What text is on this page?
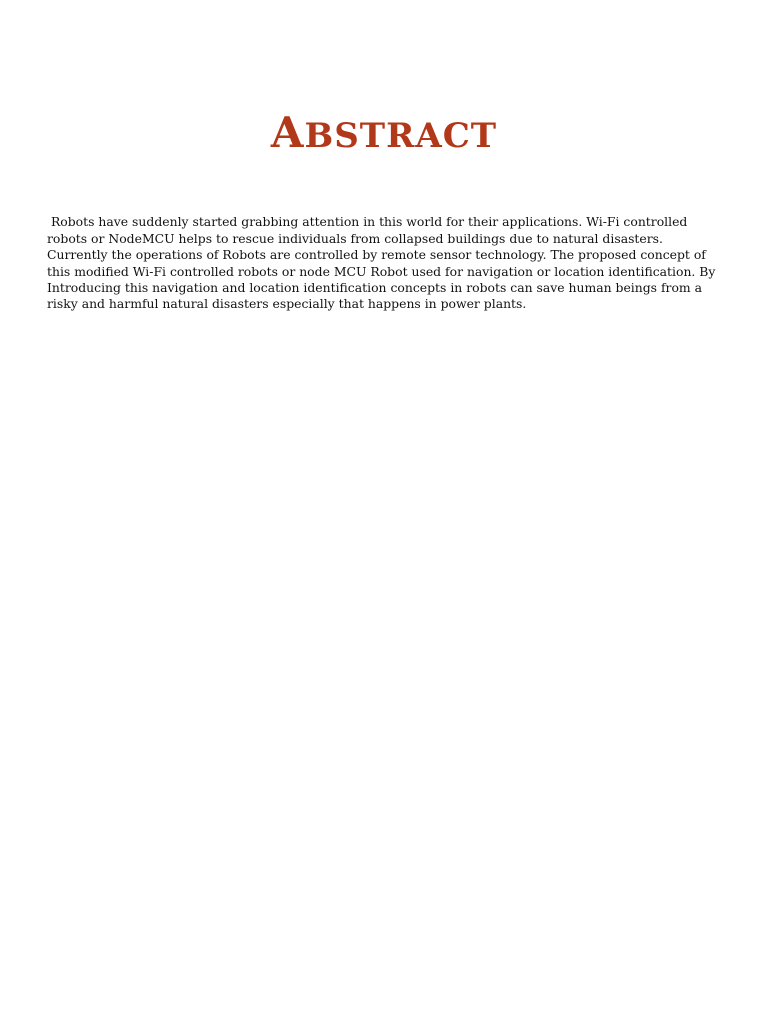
ABSTRACT

Robots have suddenly started grabbing attention in this world for their applications. Wi-Fi controlled robots or NodeMCU helps to rescue individuals from collapsed buildings due to natural disasters. Currently the operations of Robots are controlled by remote sensor technology. The proposed concept of this modified Wi-Fi controlled robots or node MCU Robot used for navigation or location identification. By Introducing this navigation and location identification concepts in robots can save human beings from a risky and harmful natural disasters especially that happens in power plants.
